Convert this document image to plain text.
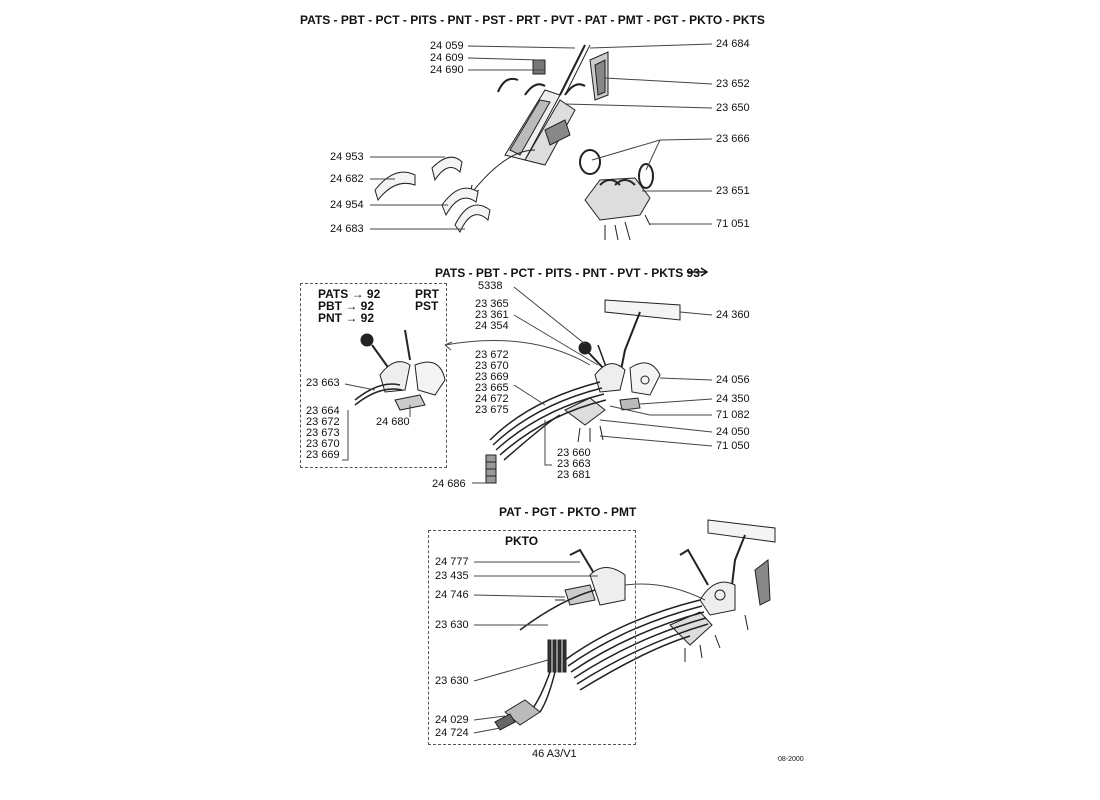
PATS - PBT - PCT - PITS - PNT - PST - PRT - PVT - PAT - PMT - PGT - PKTO - PKTS
PATS - PBT - PCT - PITS - PNT - PVT - PKTS 93
PAT - PGT - PKTO - PMT
24 059
24 609
24 690
24 684
23 652
23 650
23 666
23 651
71 051
24 953
24 682
24 954
24 683
PATS → 92
PBT → 92
PNT → 92
PRT
PST
23 663
24 680
23 664
23 672
23 673
23 670
23 669
5338
23 365
23 361
24 354
23 672
23 670
23 669
23 665
24 672
23 675
23 660
23 663
23 681
24 686
24 360
24 056
24 350
71 082
24 050
71 050
PKTO
24 777
23 435
24 746
23 630
23 630
24 029
24 724
46 A3/V1	08-2000
